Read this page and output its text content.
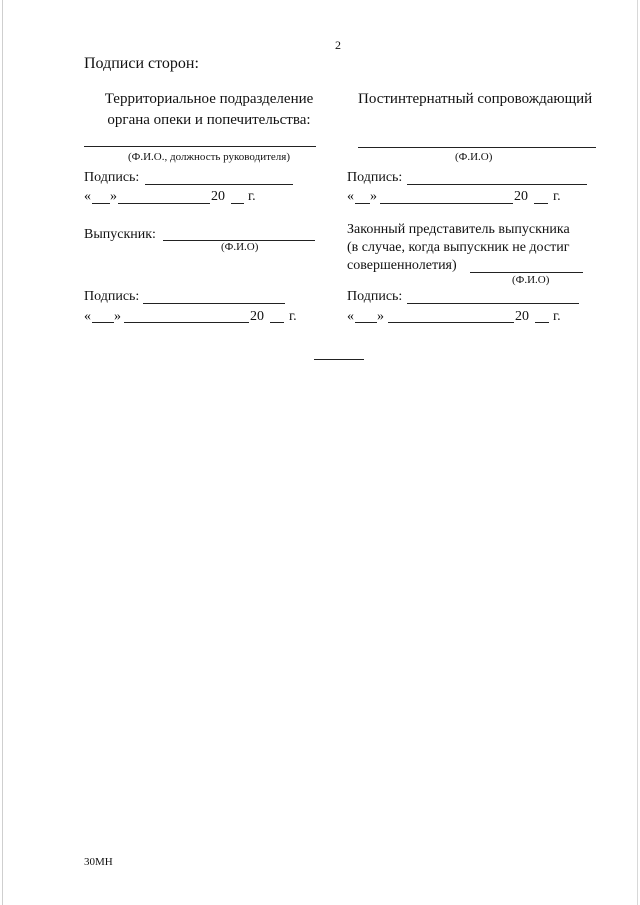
2
Подписи сторон:
Территориальное подразделение
органа опеки и попечительства:
(Ф.И.О., должность руководителя)
Подпись:
« »	20 г.
Выпускник:
(Ф.И.О)
Подпись:
« »	20 г.
Постинтернатный сопровождающий
(Ф.И.О)
Подпись:
« »	20 г.
Законный представитель выпускника
(в случае, когда выпускник не достиг
совершеннолетия)
(Ф.И.О)
Подпись:
« »	20 г.
30МН
